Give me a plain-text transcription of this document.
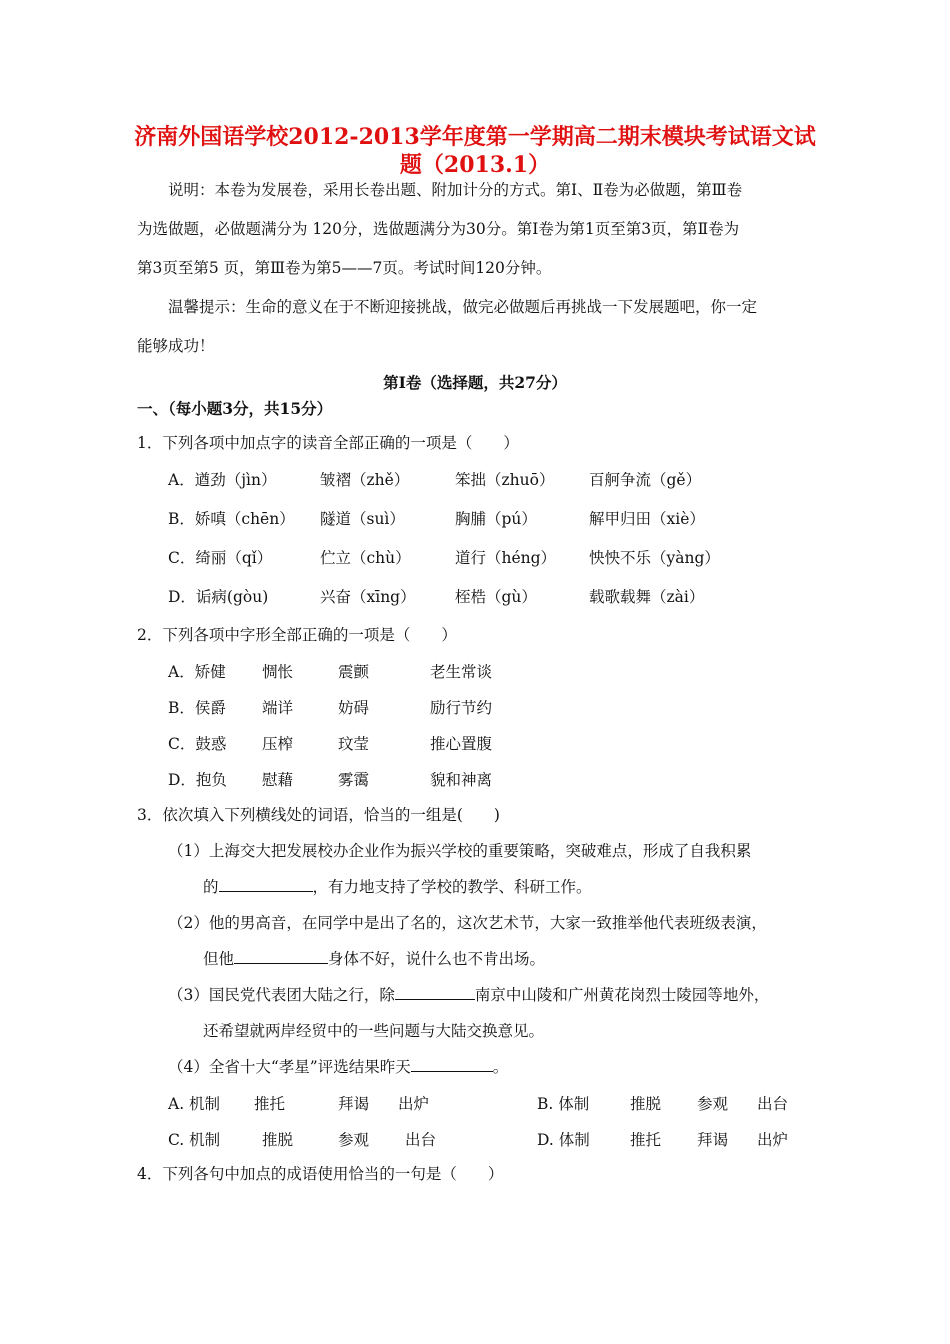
济南外国语学校2012-2013学年度第一学期高二期末模块考试语文试
题（2013.1）
说明：本卷为发展卷，采用长卷出题、附加计分的方式。第Ⅰ、Ⅱ卷为必做题，第Ⅲ卷
为选做题，必做题满分为 120分，选做题满分为30分。第Ⅰ卷为第1页至第3页，第Ⅱ卷为
第3页至第5 页，第Ⅲ卷为第5——7页。考试时间120分钟。
温馨提示：生命的意义在于不断迎接挑战，做完必做题后再挑战一下发展题吧，你一定
能够成功！
第Ⅰ卷（选择题，共27分）
一、（每小题3分，共15分）
1．下列各项中加点字的读音全部正确的一项是（　　）
A．遒劲（jìn）	皱褶（zhě）	笨拙（zhuō） 百舸争流（gě）
B．娇嗔（chēn） 隧道（suì）	胸脯（pú）	解甲归田（xiè）
C．绮丽（qǐ）	伫立（chù）	道行（héng） 怏怏不乐（yàng）
D．诟病(gòu)	兴奋（xīng）	桎梏（gù）	载歌载舞（zài）
2．下列各项中字形全部正确的一项是（　　）
A．矫健 惆怅	震颤	老生常谈
B．侯爵 端详	妨碍	励行节约
C．鼓惑 压榨	玟莹	推心置腹
D．抱负 慰藉	雾霭	貌和神离
3．依次填入下列横线处的词语，恰当的一组是(　　)
（1）上海交大把发展校办企业作为振兴学校的重要策略，突破难点，形成了自我积累
的	，有力地支持了学校的教学、科研工作。
（2）他的男高音，在同学中是出了名的，这次艺术节，大家一致推举他代表班级表演，
但他	身体不好，说什么也不肯出场。
（3）国民党代表团大陆之行，除	南京中山陵和广州黄花岗烈士陵园等地外，
还希望就两岸经贸中的一些问题与大陆交换意见。
（4）全省十大“孝星”评选结果昨天	。
A. 机制 推托	拜谒 出炉	B. 体制	推脱 参观 出台
C. 机制	推脱	参观 出台	D. 体制	推托 拜谒 出炉
4．下列各句中加点的成语使用恰当的一句是（　　）
